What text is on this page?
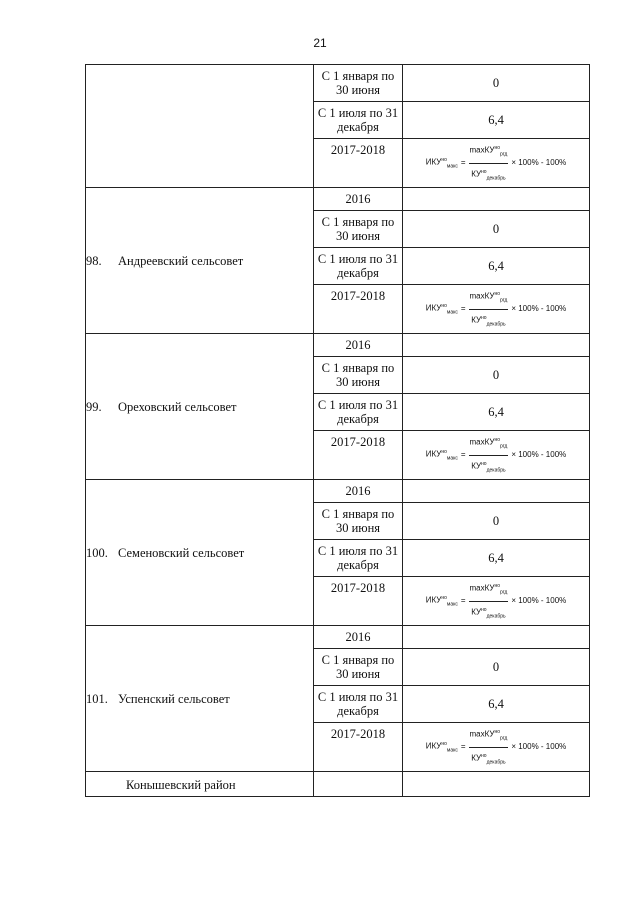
21
	С 1 января по 30 июня	0
	С 1 июля по 31 декабря	6,4
	2017-2018	$ИКУ^{но}_{макс} = \frac{\max КУ^{но}_{ргд}}{КУ^{но}_{декабрь}} \times 100\% - 100\%$

98. Андреевский сельсовет	2016	
	С 1 января по 30 июня	0
	С 1 июля по 31 декабря	6,4
	2017-2018	$ИКУ^{но}_{макс} = \frac{\max КУ^{но}_{ргд}}{КУ^{но}_{декабрь}} \times 100\% - 100\%$

99. Ореховский сельсовет	2016	
	С 1 января по 30 июня	0
	С 1 июля по 31 декабря	6,4
	2017-2018	$ИКУ^{но}_{макс} = \frac{\max КУ^{но}_{ргд}}{КУ^{но}_{декабрь}} \times 100\% - 100\%$

100. Семеновский сельсовет	2016	
	С 1 января по 30 июня	0
	С 1 июля по 31 декабря	6,4
	2017-2018	$ИКУ^{но}_{макс} = \frac{\max КУ^{но}_{ргд}}{КУ^{но}_{декабрь}} \times 100\% - 100\%$

101. Успенский сельсовет	2016	
	С 1 января по 30 июня	0
	С 1 июля по 31 декабря	6,4
	2017-2018	$ИКУ^{но}_{макс} = \frac{\max КУ^{но}_{ргд}}{КУ^{но}_{декабрь}} \times 100\% - 100\%$

Конышевский район		
